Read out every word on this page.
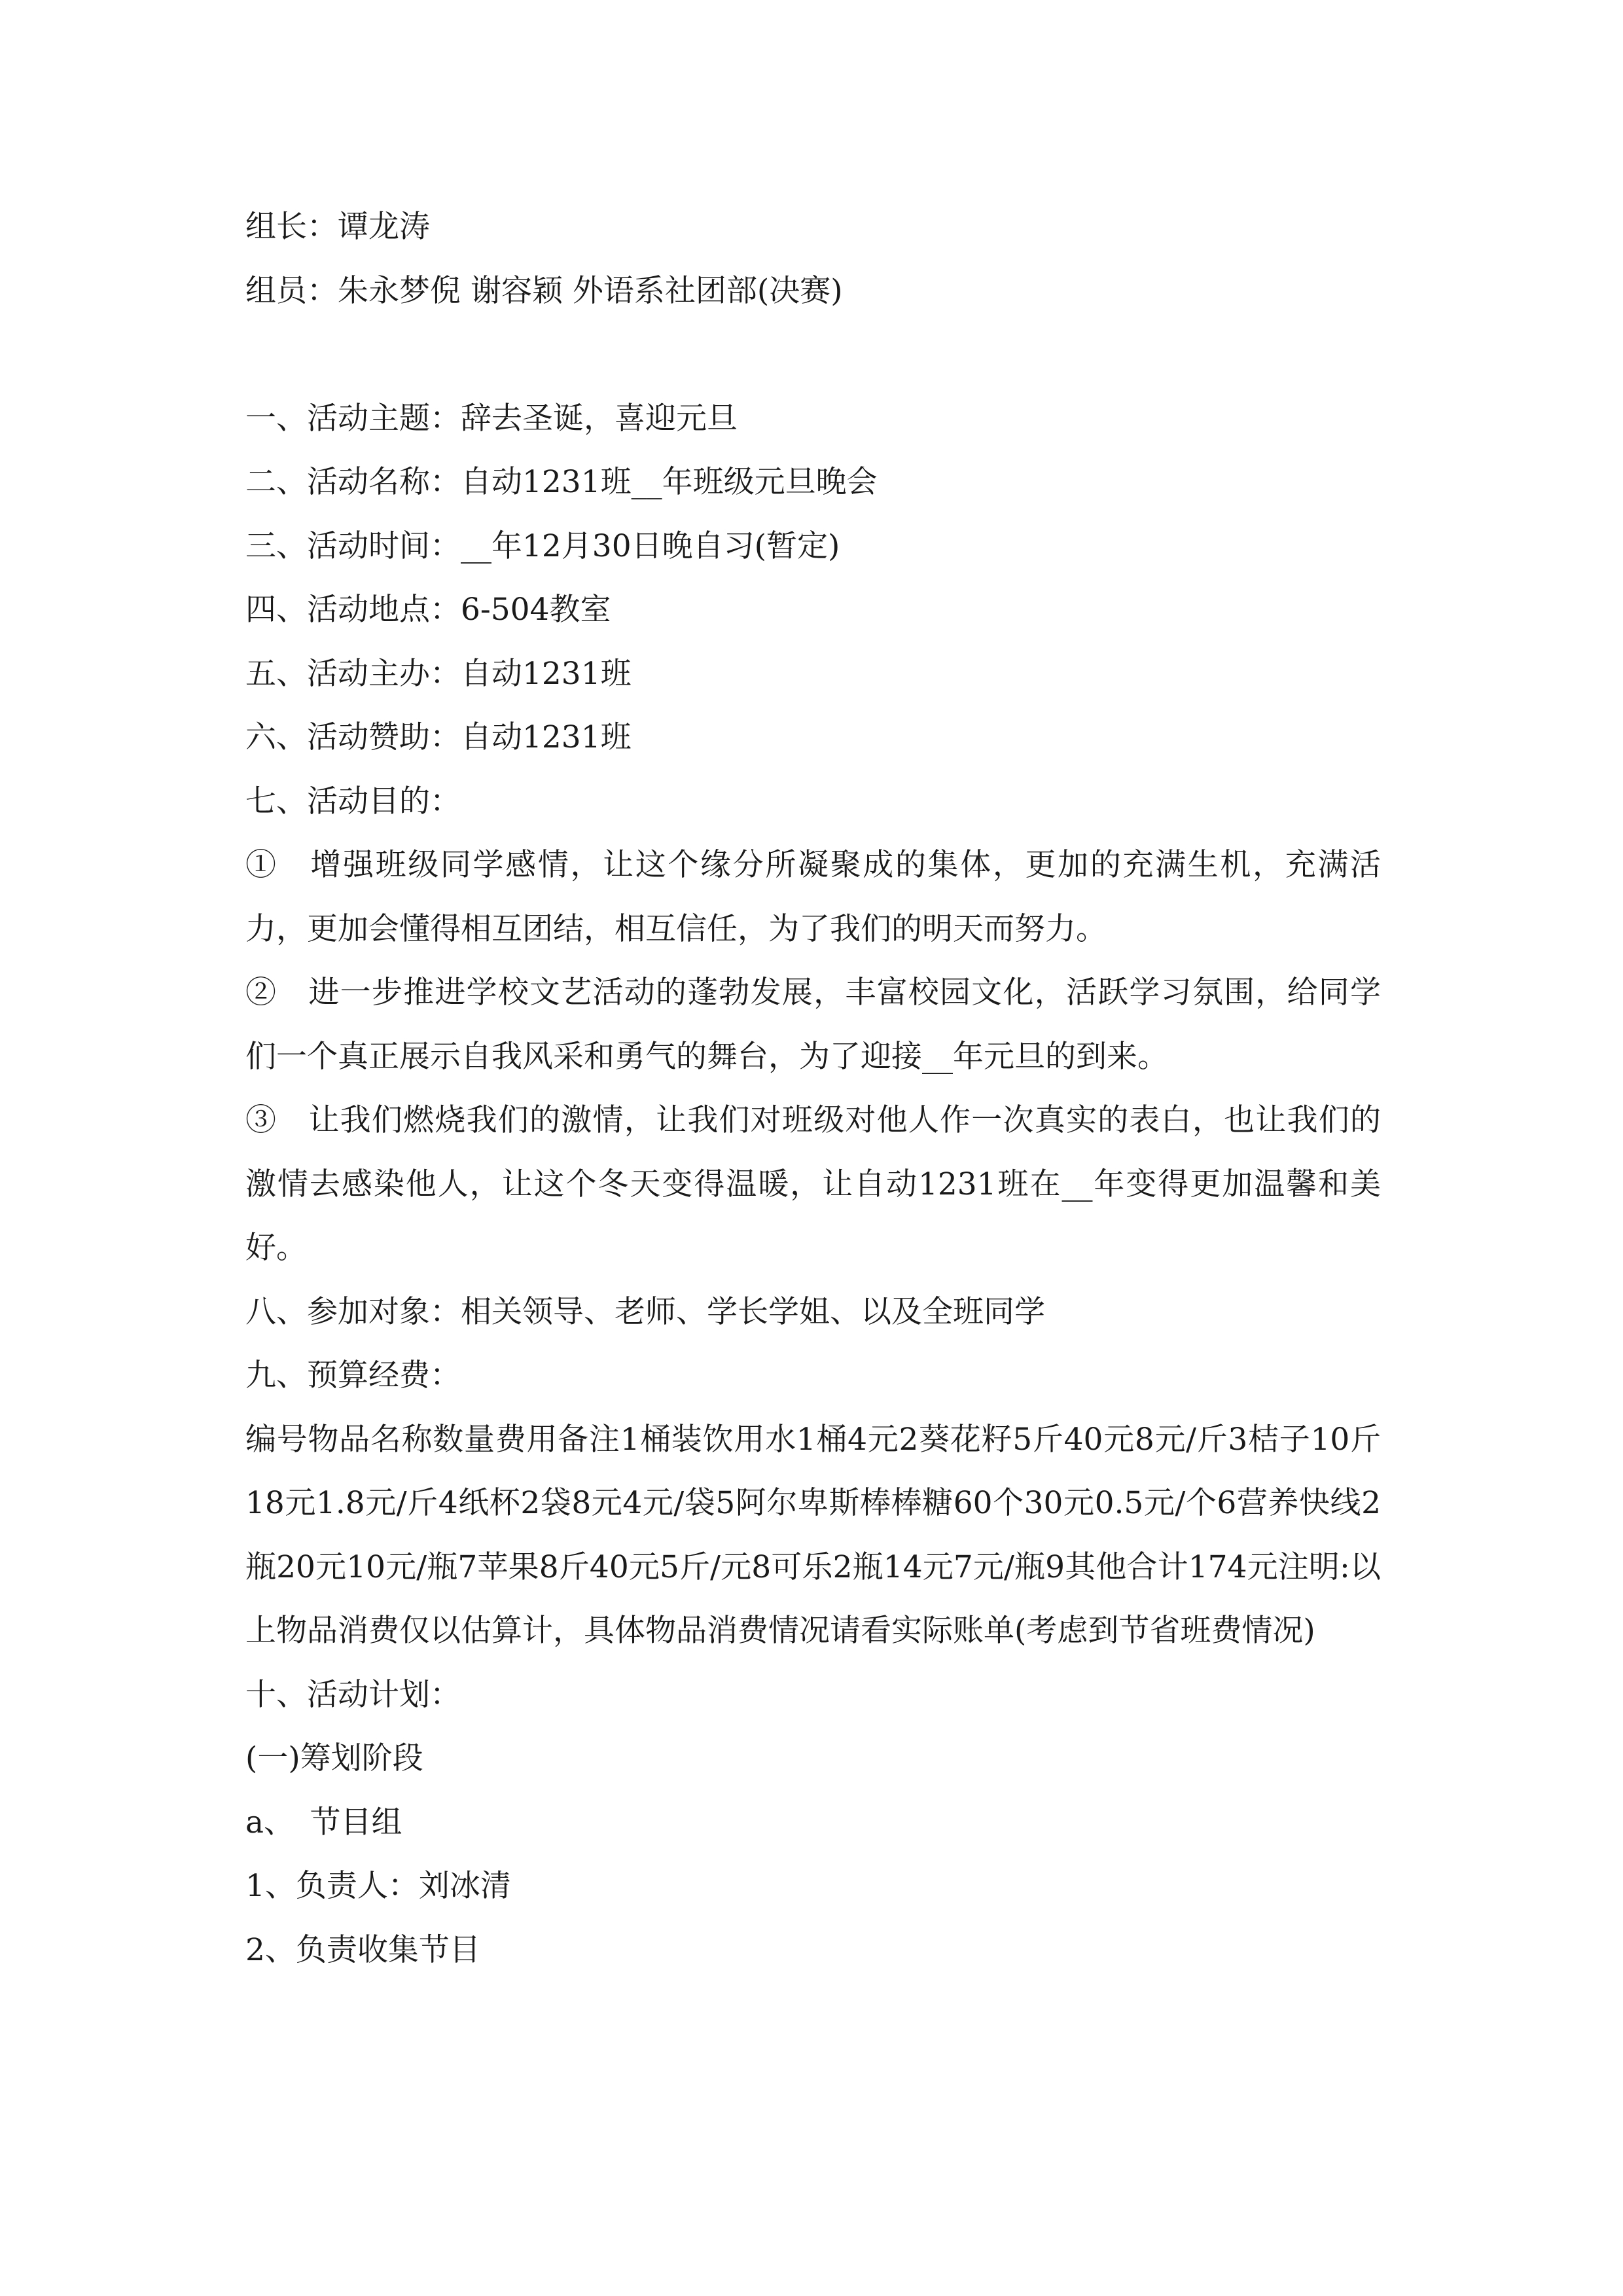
组长：谭龙涛
组员：朱永梦倪 谢容颖 外语系社团部(决赛)
一、活动主题：辞去圣诞，喜迎元旦
二、活动名称：自动1231班__年班级元旦晚会
三、活动时间：__年12月30日晚自习(暂定)
四、活动地点：6-504教室
五、活动主办：自动1231班
六、活动赞助：自动1231班
七、活动目的：
①　增强班级同学感情，让这个缘分所凝聚成的集体，更加的充满生机，充满活力，更加会懂得相互团结，相互信任，为了我们的明天而努力。
②　进一步推进学校文艺活动的蓬勃发展，丰富校园文化，活跃学习氛围，给同学们一个真正展示自我风采和勇气的舞台，为了迎接__年元旦的到来。
③　让我们燃烧我们的激情，让我们对班级对他人作一次真实的表白，也让我们的激情去感染他人，让这个冬天变得温暖，让自动1231班在__年变得更加温馨和美好。
八、参加对象：相关领导、老师、学长学姐、以及全班同学
九、预算经费：
编号物品名称数量费用备注1桶装饮用水1桶4元2葵花籽5斤40元8元/斤3桔子10斤18元1.8元/斤4纸杯2袋8元4元/袋5阿尔卑斯棒棒糖60个30元0.5元/个6营养快线2瓶20元10元/瓶7苹果8斤40元5斤/元8可乐2瓶14元7元/瓶9其他合计174元注明:以上物品消费仅以估算计，具体物品消费情况请看实际账单(考虑到节省班费情况)
十、活动计划：
(一)筹划阶段
a、　节目组
1、负责人：刘冰清
2、负责收集节目
